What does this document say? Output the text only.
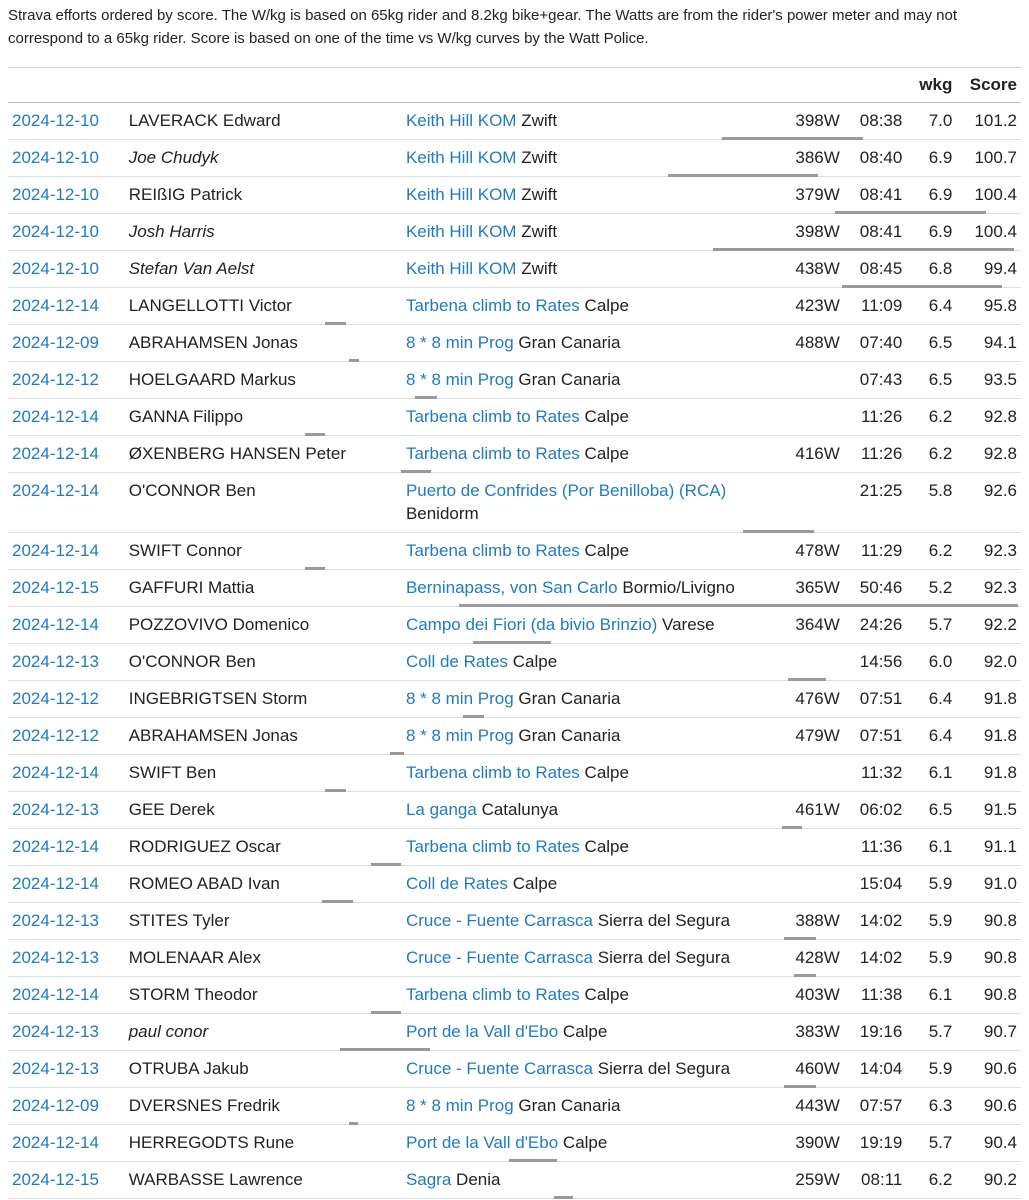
Strava efforts ordered by score. The W/kg is based on 65kg rider and 8.2kg bike+gear. The Watts are from the rider's power meter and may not correspond to a 65kg rider. Score is based on one of the time vs W/kg curves by the Watt Police.
					wkg	Score
2024-12-10	LAVERACK Edward	Keith Hill KOM Zwift	398W	08:38	7.0	101.2
2024-12-10	Joe Chudyk	Keith Hill KOM Zwift	386W	08:40	6.9	100.7
2024-12-10	REIßIG Patrick	Keith Hill KOM Zwift	379W	08:41	6.9	100.4
2024-12-10	Josh Harris	Keith Hill KOM Zwift	398W	08:41	6.9	100.4
2024-12-10	Stefan Van Aelst	Keith Hill KOM Zwift	438W	08:45	6.8	99.4
2024-12-14	LANGELLOTTI Victor	Tarbena climb to Rates Calpe	423W	11:09	6.4	95.8
2024-12-09	ABRAHAMSEN Jonas	8 * 8 min Prog Gran Canaria	488W	07:40	6.5	94.1
2024-12-12	HOELGAARD Markus	8 * 8 min Prog Gran Canaria		07:43	6.5	93.5
2024-12-14	GANNA Filippo	Tarbena climb to Rates Calpe		11:26	6.2	92.8
2024-12-14	ØXENBERG HANSEN Peter	Tarbena climb to Rates Calpe	416W	11:26	6.2	92.8
2024-12-14	O'CONNOR Ben	Puerto de Confrides (Por Benilloba) (RCA) Benidorm		21:25	5.8	92.6
2024-12-14	SWIFT Connor	Tarbena climb to Rates Calpe	478W	11:29	6.2	92.3
2024-12-15	GAFFURI Mattia	Berninapass, von San Carlo Bormio/Livigno	365W	50:46	5.2	92.3
2024-12-14	POZZOVIVO Domenico	Campo dei Fiori (da bivio Brinzio) Varese	364W	24:26	5.7	92.2
2024-12-13	O'CONNOR Ben	Coll de Rates Calpe		14:56	6.0	92.0
2024-12-12	INGEBRIGTSEN Storm	8 * 8 min Prog Gran Canaria	476W	07:51	6.4	91.8
2024-12-12	ABRAHAMSEN Jonas	8 * 8 min Prog Gran Canaria	479W	07:51	6.4	91.8
2024-12-14	SWIFT Ben	Tarbena climb to Rates Calpe		11:32	6.1	91.8
2024-12-13	GEE Derek	La ganga Catalunya	461W	06:02	6.5	91.5
2024-12-14	RODRIGUEZ Oscar	Tarbena climb to Rates Calpe		11:36	6.1	91.1
2024-12-14	ROMEO ABAD Ivan	Coll de Rates Calpe		15:04	5.9	91.0
2024-12-13	STITES Tyler	Cruce - Fuente Carrasca Sierra del Segura	388W	14:02	5.9	90.8
2024-12-13	MOLENAAR Alex	Cruce - Fuente Carrasca Sierra del Segura	428W	14:02	5.9	90.8
2024-12-14	STORM Theodor	Tarbena climb to Rates Calpe	403W	11:38	6.1	90.8
2024-12-13	paul conor	Port de la Vall d'Ebo Calpe	383W	19:16	5.7	90.7
2024-12-13	OTRUBA Jakub	Cruce - Fuente Carrasca Sierra del Segura	460W	14:04	5.9	90.6
2024-12-09	DVERSNES Fredrik	8 * 8 min Prog Gran Canaria	443W	07:57	6.3	90.6
2024-12-14	HERREGODTS Rune	Port de la Vall d'Ebo Calpe	390W	19:19	5.7	90.4
2024-12-15	WARBASSE Lawrence	Sagra Denia	259W	08:11	6.2	90.2
